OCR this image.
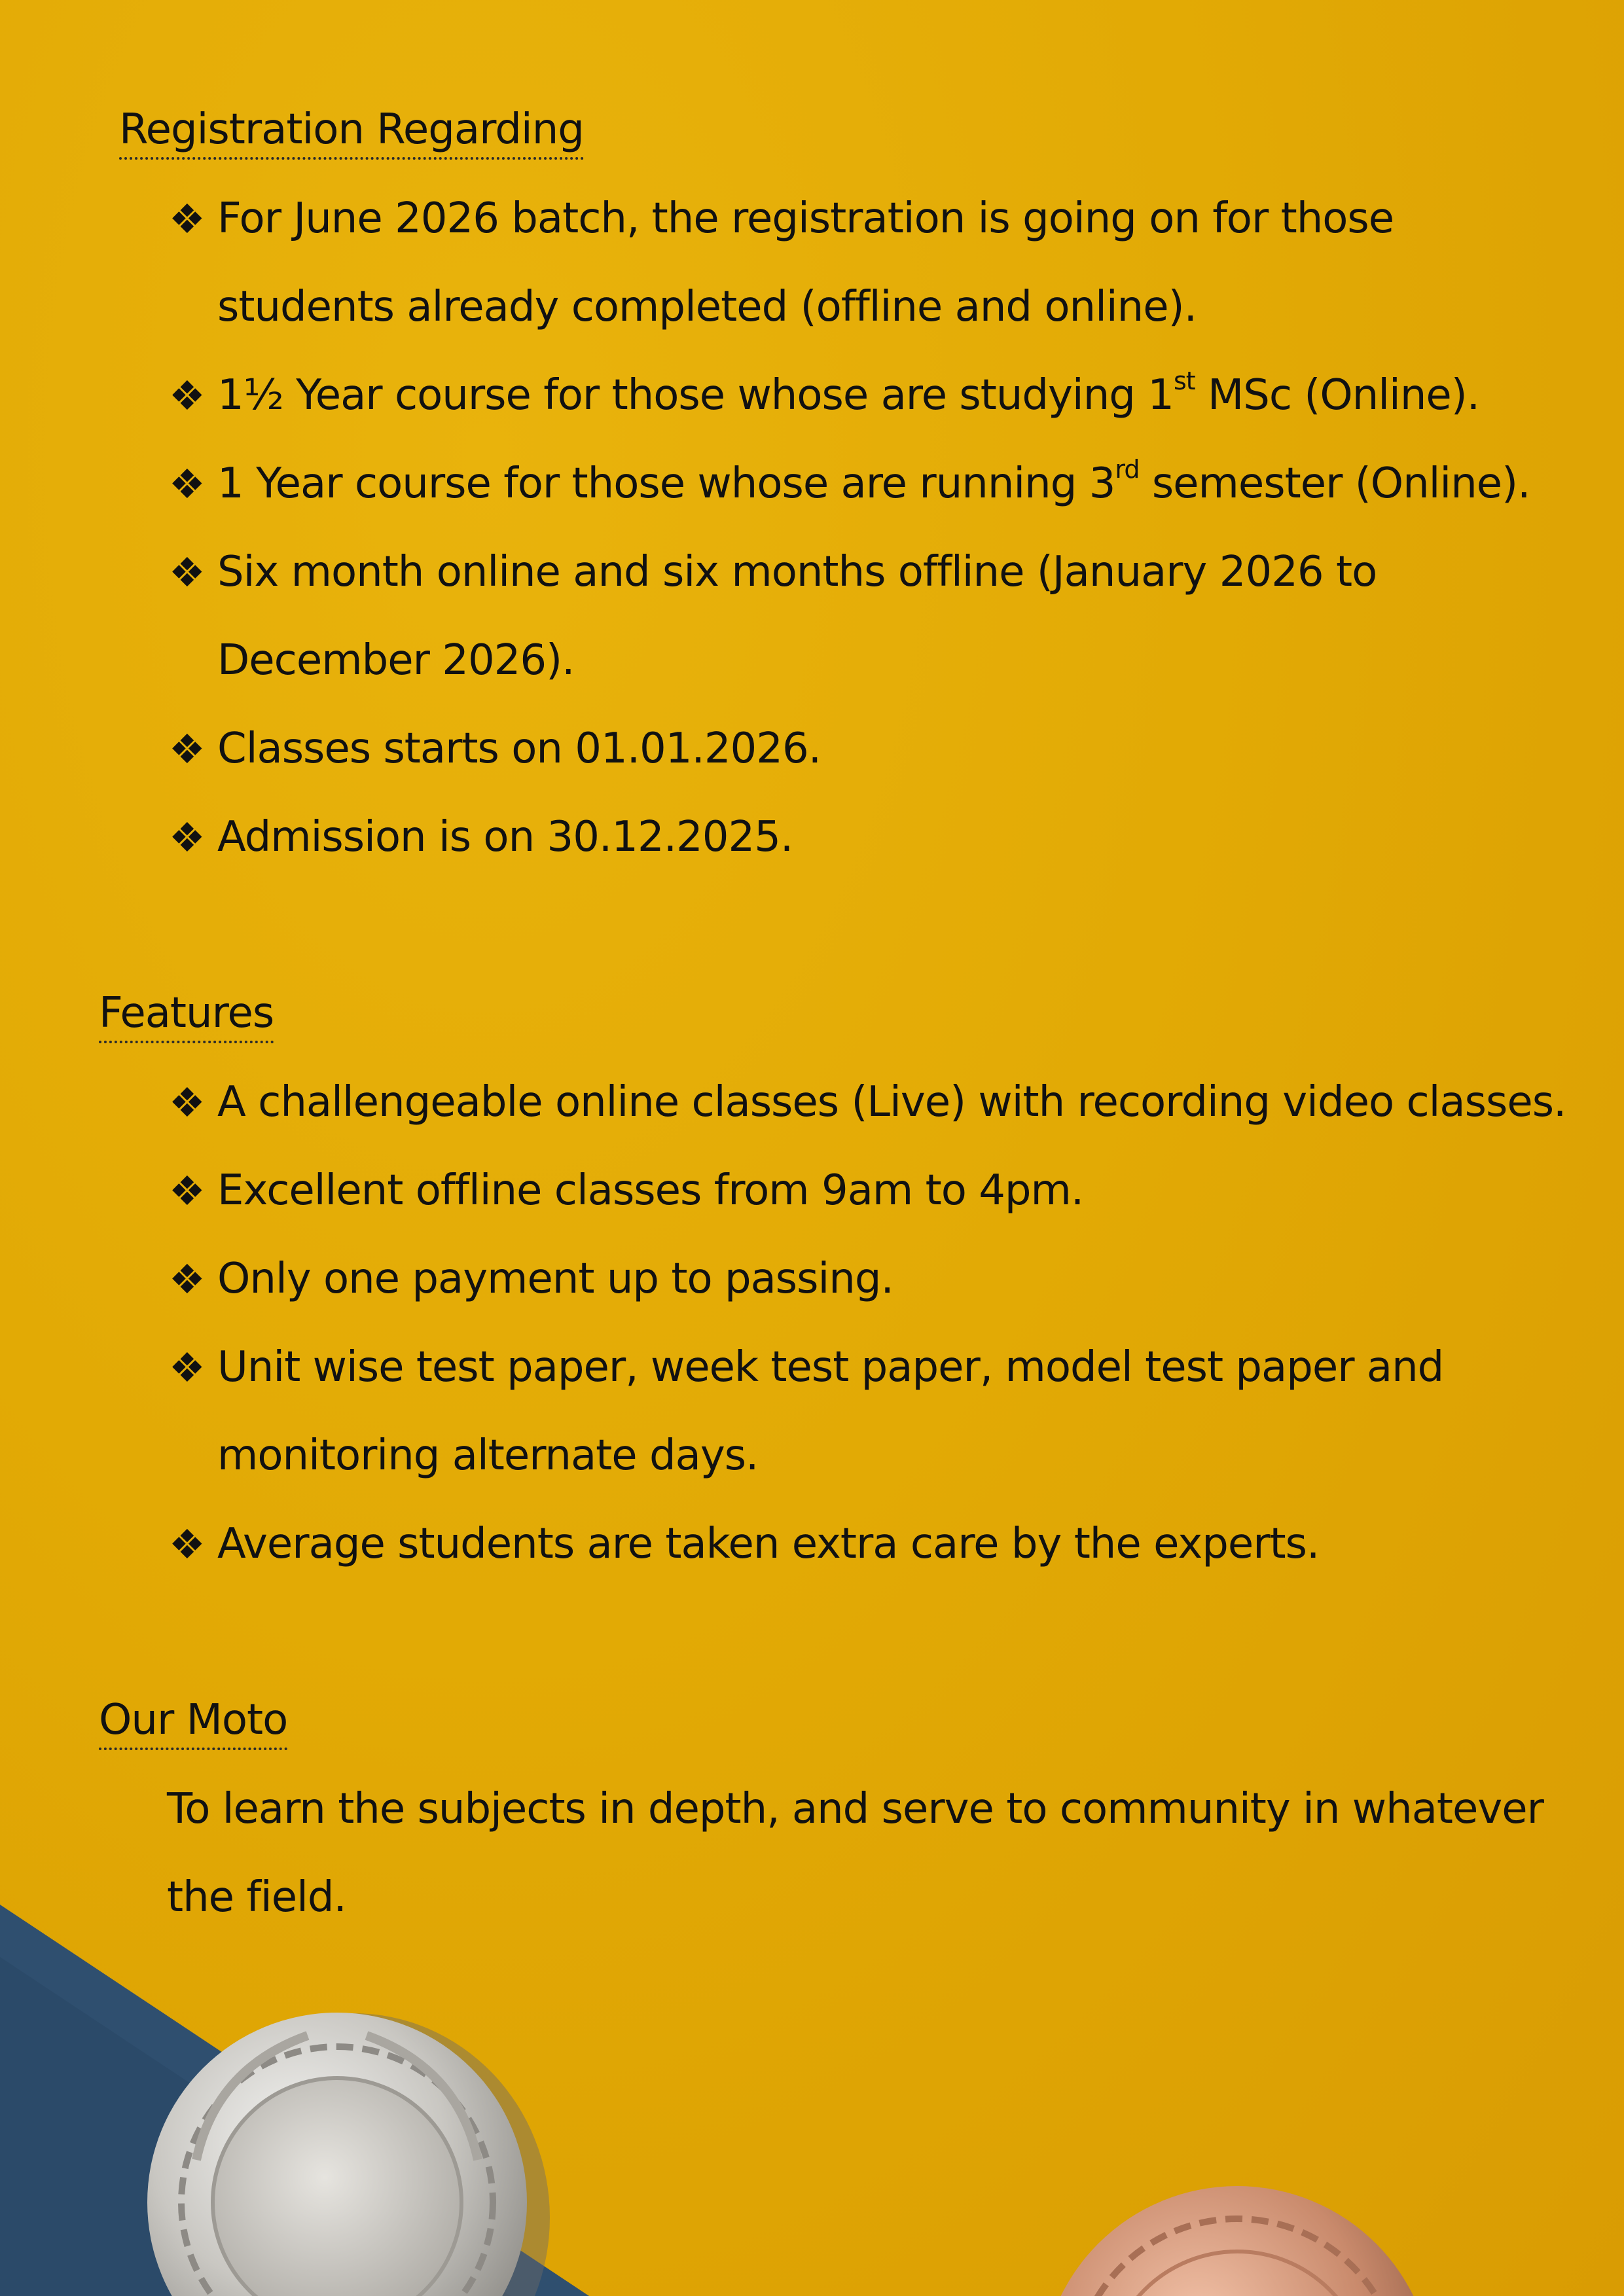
Registration Regarding
❖ For June 2026 batch, the registration is going on for those students already completed (offline and online).
❖ 1½ Year course for those whose are studying 1st MSc (Online).
❖ 1 Year course for those whose are running 3rd semester (Online).
❖ Six month online and six months offline (January 2026 to December 2026).
❖ Classes starts on 01.01.2026.
❖ Admission is on 30.12.2025.
Features
❖ A challengeable online classes (Live) with recording video classes.
❖ Excellent offline classes from 9am to 4pm.
❖ Only one payment up to passing.
❖ Unit wise test paper, week test paper, model test paper and monitoring alternate days.
❖ Average students are taken extra care by the experts.
Our Moto

To learn the subjects in depth, and serve to community in whatever the field.
